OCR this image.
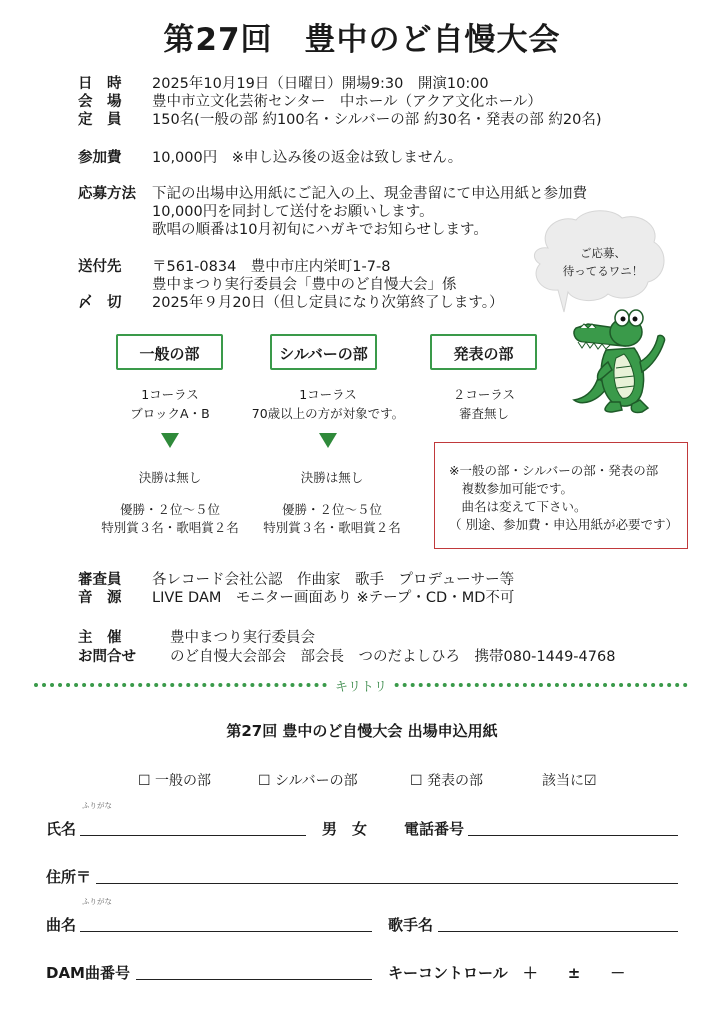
第27回　豊中のど自慢大会
日　時 2025年10月19日（日曜日）開場9:30　開演10:00
会　場 豊中市立文化芸術センター　中ホール（アクア文化ホール）
定　員 150名(一般の部 約100名・シルバーの部 約30名・発表の部 約20名)
参加費 10,000円　※申し込み後の返金は致しません。
応募方法 下記の出場申込用紙にご記入の上、現金書留にて申込用紙と参加費
10,000円を同封して送付をお願いします。
歌唱の順番は10月初旬にハガキでお知らせします。
送付先 〒561-0834　豊中市庄内栄町1-7-8
豊中まつり実行委員会「豊中のど自慢大会」係
〆　切 2025年９月20日（但し定員になり次第終了します。）
ご応募、
待ってるワニ！
一般の部	シルバーの部	発表の部
1コーラス
ブロックA・B
1コーラス
70歳以上の方が対象です。
２コーラス
審査無し
決勝は無し
優勝・２位～５位
特別賞３名・歌唱賞２名
決勝は無し
優勝・２位～５位
特別賞３名・歌唱賞２名
※一般の部・シルバーの部・発表の部
　複数参加可能です。
　曲名は変えて下さい。
（ 別途、参加費・申込用紙が必要です）
審査員 各レコード会社公認　作曲家　歌手　プロデューサー等
音　源 LIVE DAM　モニター画面あり ※テープ・CD・MD不可
主　催	豊中まつり実行委員会
お問合せ のど自慢大会部会　部会長　つのだよしひろ　携帯080-1449-4768
キリトリ
第27回 豊中のど自慢大会 出場申込用紙
☐ 一般の部	☐ シルバーの部	☐ 発表の部	該当に☑
ふりがな
氏名	男　女 電話番号
住所〒
ふりがな
曲名	歌手名
DAM曲番号	キーコントロール　＋　　±　　－
